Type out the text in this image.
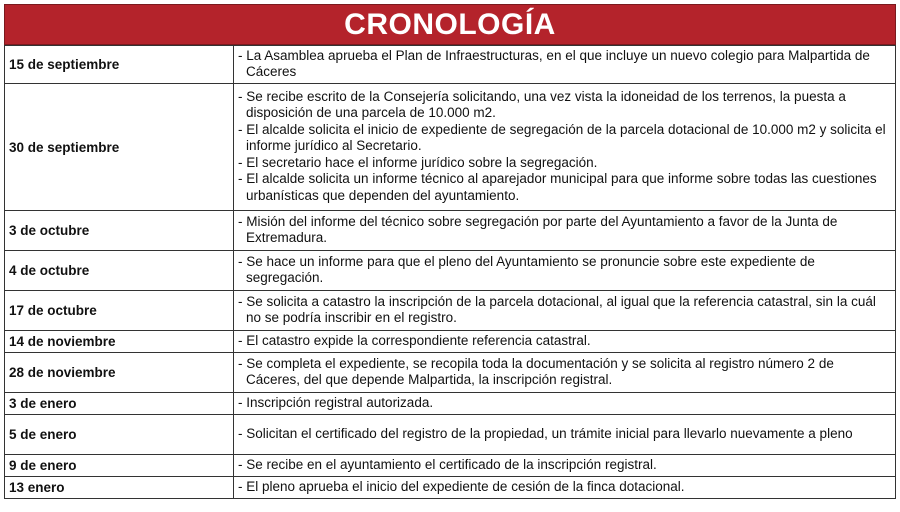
CRONOLOGÍA
15 de septiembre	- La Asamblea aprueba el Plan de Infraestructuras, en el que incluye un nuevo colegio para Malpartida de Cáceres

30 de septiembre	- Se recibe escrito de la Consejería solicitando, una vez vista la idoneidad de los terrenos, la puesta a disposición de una parcela de 10.000 m2.
- El alcalde solicita el inicio de expediente de segregación de la parcela dotacional de 10.000 m2 y solicita el informe jurídico al Secretario.
- El secretario hace el informe jurídico sobre la segregación.
- El alcalde solicita un informe técnico al aparejador municipal para que informe sobre todas las cuestiones urbanísticas que dependen del ayuntamiento.

3 de octubre	- Misión del informe del técnico sobre segregación por parte del Ayuntamiento a favor de la Junta de Extremadura.

4 de octubre	- Se hace un informe para que el pleno del Ayuntamiento se pronuncie sobre este expediente de segregación.

17 de octubre	- Se solicita a catastro la inscripción de la parcela dotacional, al igual que la referencia catastral, sin la cuál no se podría inscribir en el registro.

14 de noviembre	- El catastro expide la correspondiente referencia catastral.

28 de noviembre	- Se completa el expediente, se recopila toda la documentación y se solicita al registro número 2 de Cáceres, del que depende Malpartida, la inscripción registral.

3 de enero	- Inscripción registral autorizada.

5 de enero	- Solicitan el certificado del registro de la propiedad, un trámite inicial para llevarlo nuevamente a pleno

9 de enero	- Se recibe en el ayuntamiento el certificado de la inscripción registral.

13 enero	- El pleno aprueba el inicio del expediente de cesión de la finca dotacional.
